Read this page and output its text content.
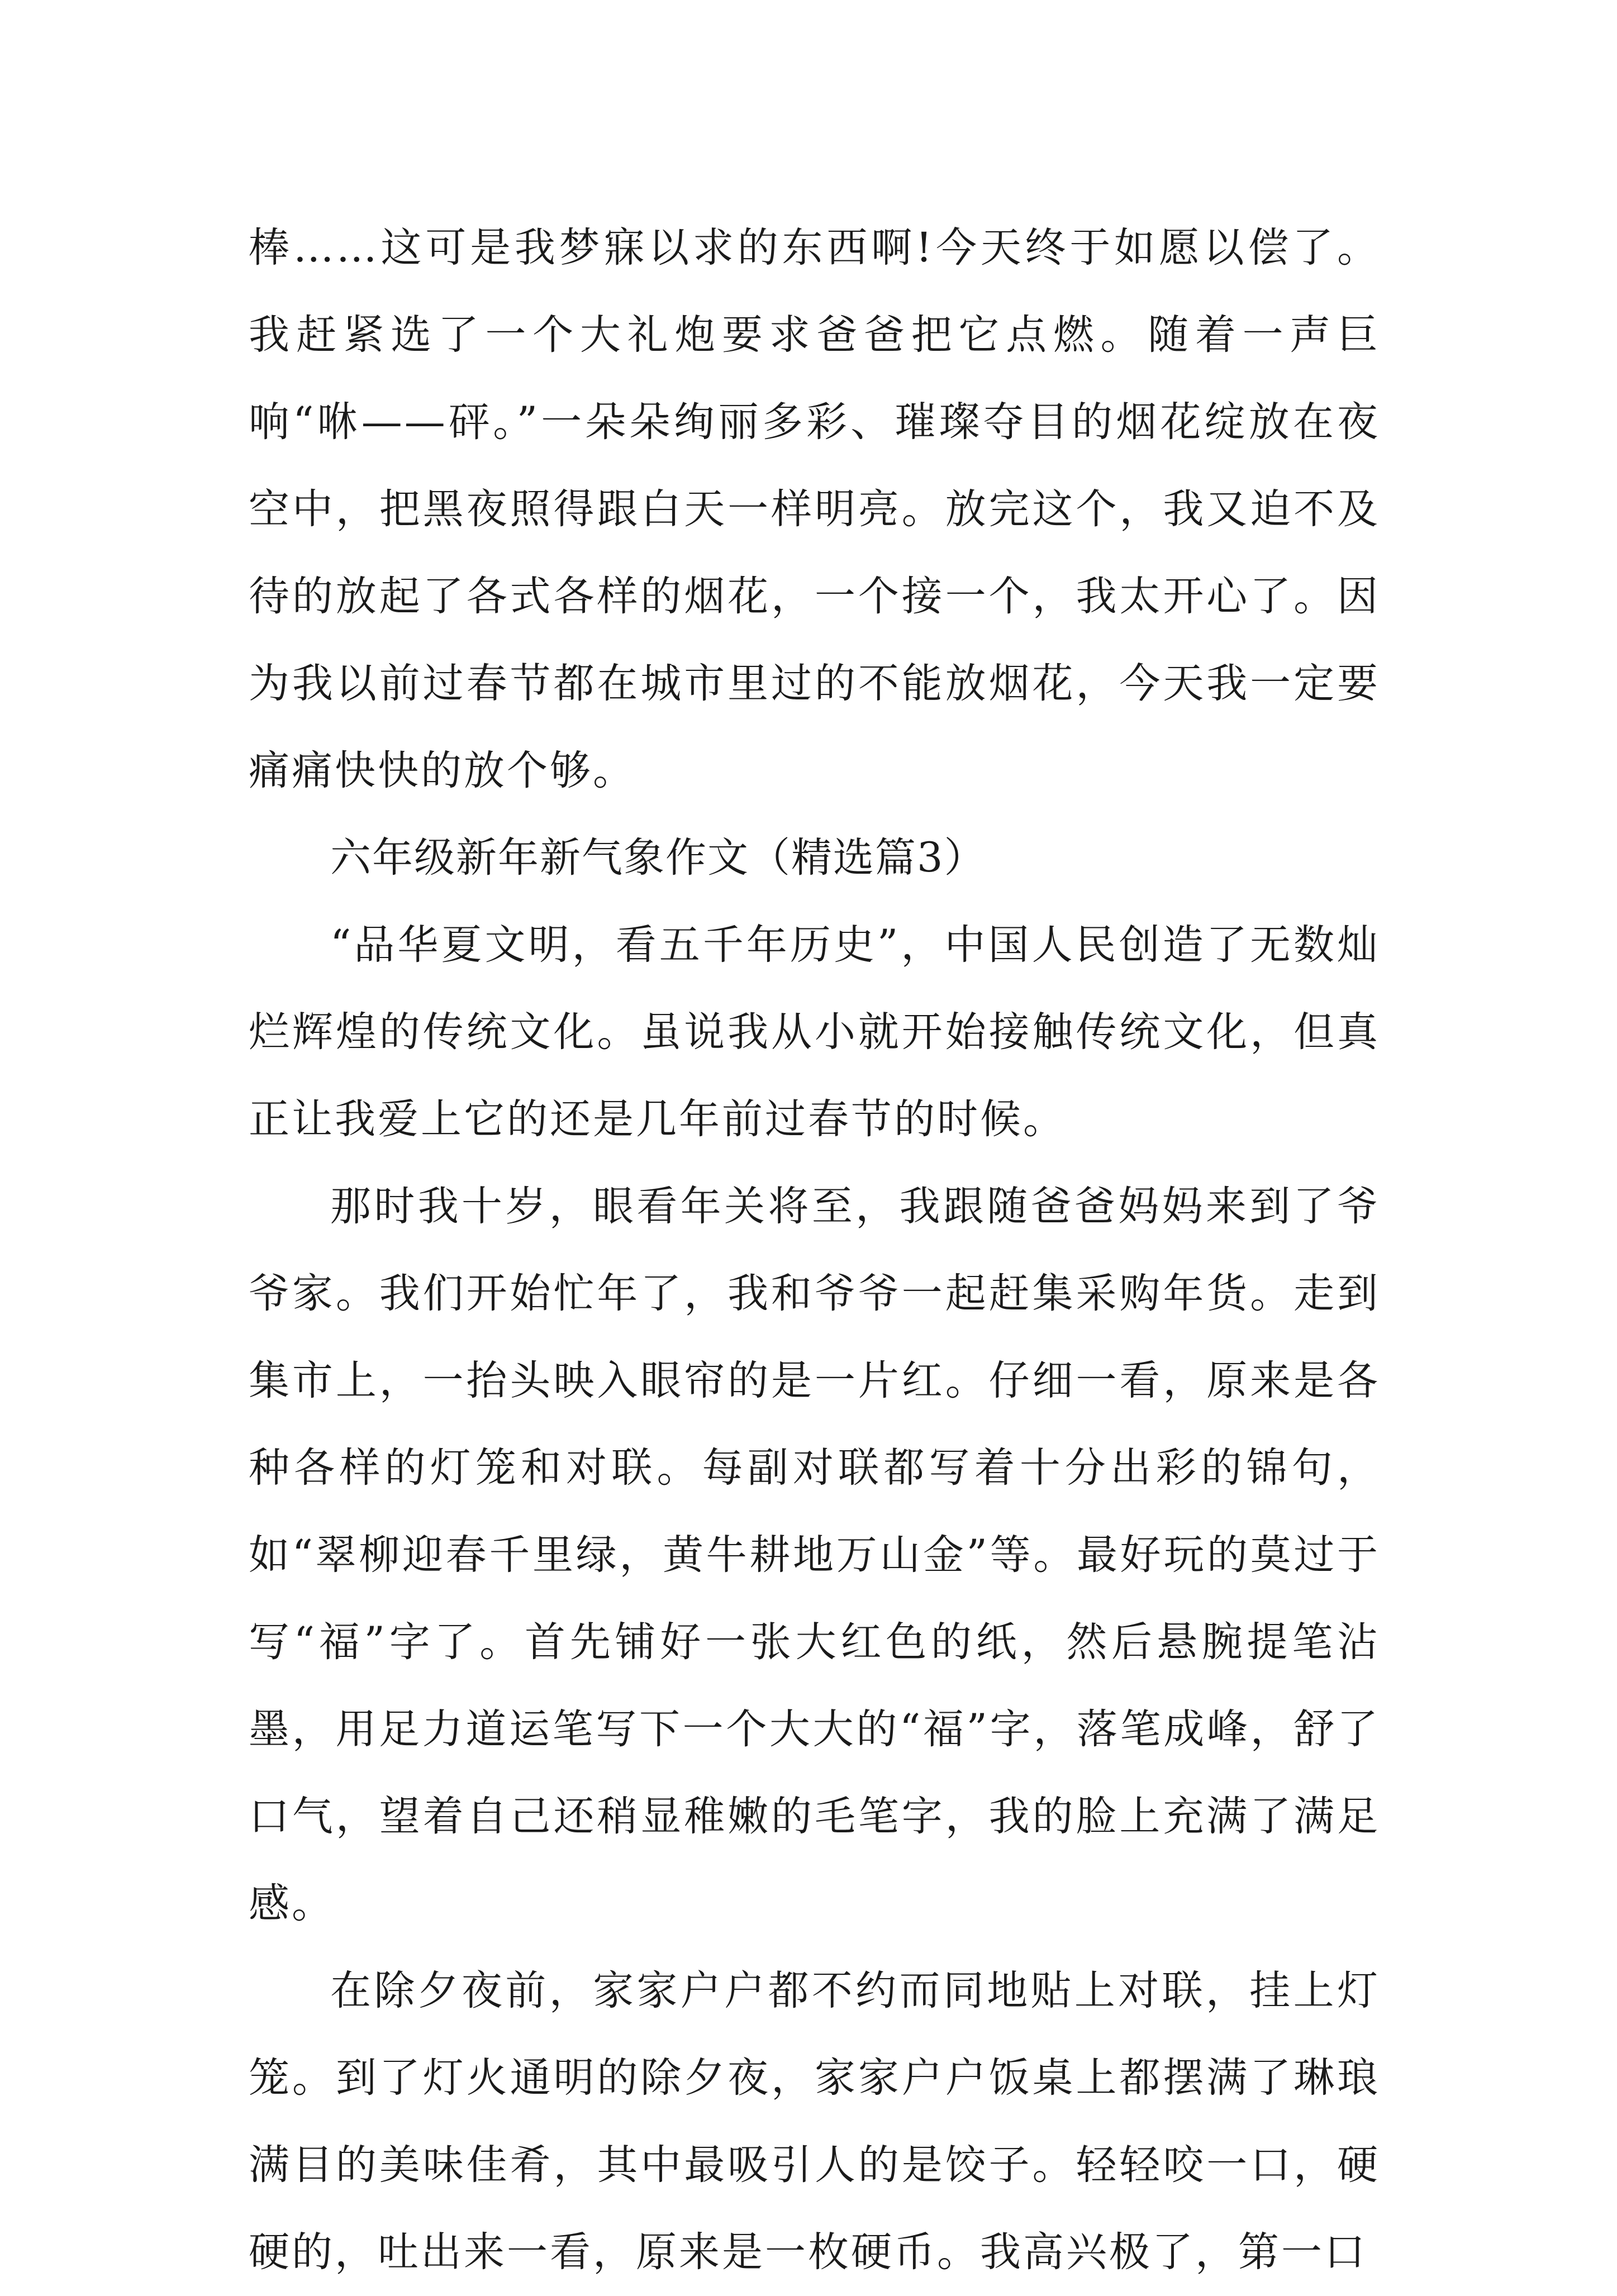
棒……这可是我梦寐以求的东西啊!今天终于如愿以偿了。我赶紧选了一个大礼炮要求爸爸把它点燃。随着一声巨响“咻——砰。”一朵朵绚丽多彩、璀璨夺目的烟花绽放在夜空中，把黑夜照得跟白天一样明亮。放完这个，我又迫不及待的放起了各式各样的烟花，一个接一个，我太开心了。因为我以前过春节都在城市里过的不能放烟花，今天我一定要痛痛快快的放个够。

六年级新年新气象作文（精选篇3）

“品华夏文明，看五千年历史”，中国人民创造了无数灿烂辉煌的传统文化。虽说我从小就开始接触传统文化，但真正让我爱上它的还是几年前过春节的时候。

那时我十岁，眼看年关将至，我跟随爸爸妈妈来到了爷爷家。我们开始忙年了，我和爷爷一起赶集采购年货。走到集市上，一抬头映入眼帘的是一片红。仔细一看，原来是各种各样的灯笼和对联。每副对联都写着十分出彩的锦句，如“翠柳迎春千里绿，黄牛耕地万山金”等。最好玩的莫过于写“福”字了。首先铺好一张大红色的纸，然后悬腕提笔沾墨，用足力道运笔写下一个大大的“福”字，落笔成峰，舒了口气，望着自己还稍显稚嫩的毛笔字，我的脸上充满了满足感。

在除夕夜前，家家户户都不约而同地贴上对联，挂上灯笼。到了灯火通明的除夕夜，家家户户饭桌上都摆满了琳琅满目的美味佳肴，其中最吸引人的是饺子。轻轻咬一口，硬硬的，吐出来一看，原来是一枚硬币。我高兴极了，第一口
